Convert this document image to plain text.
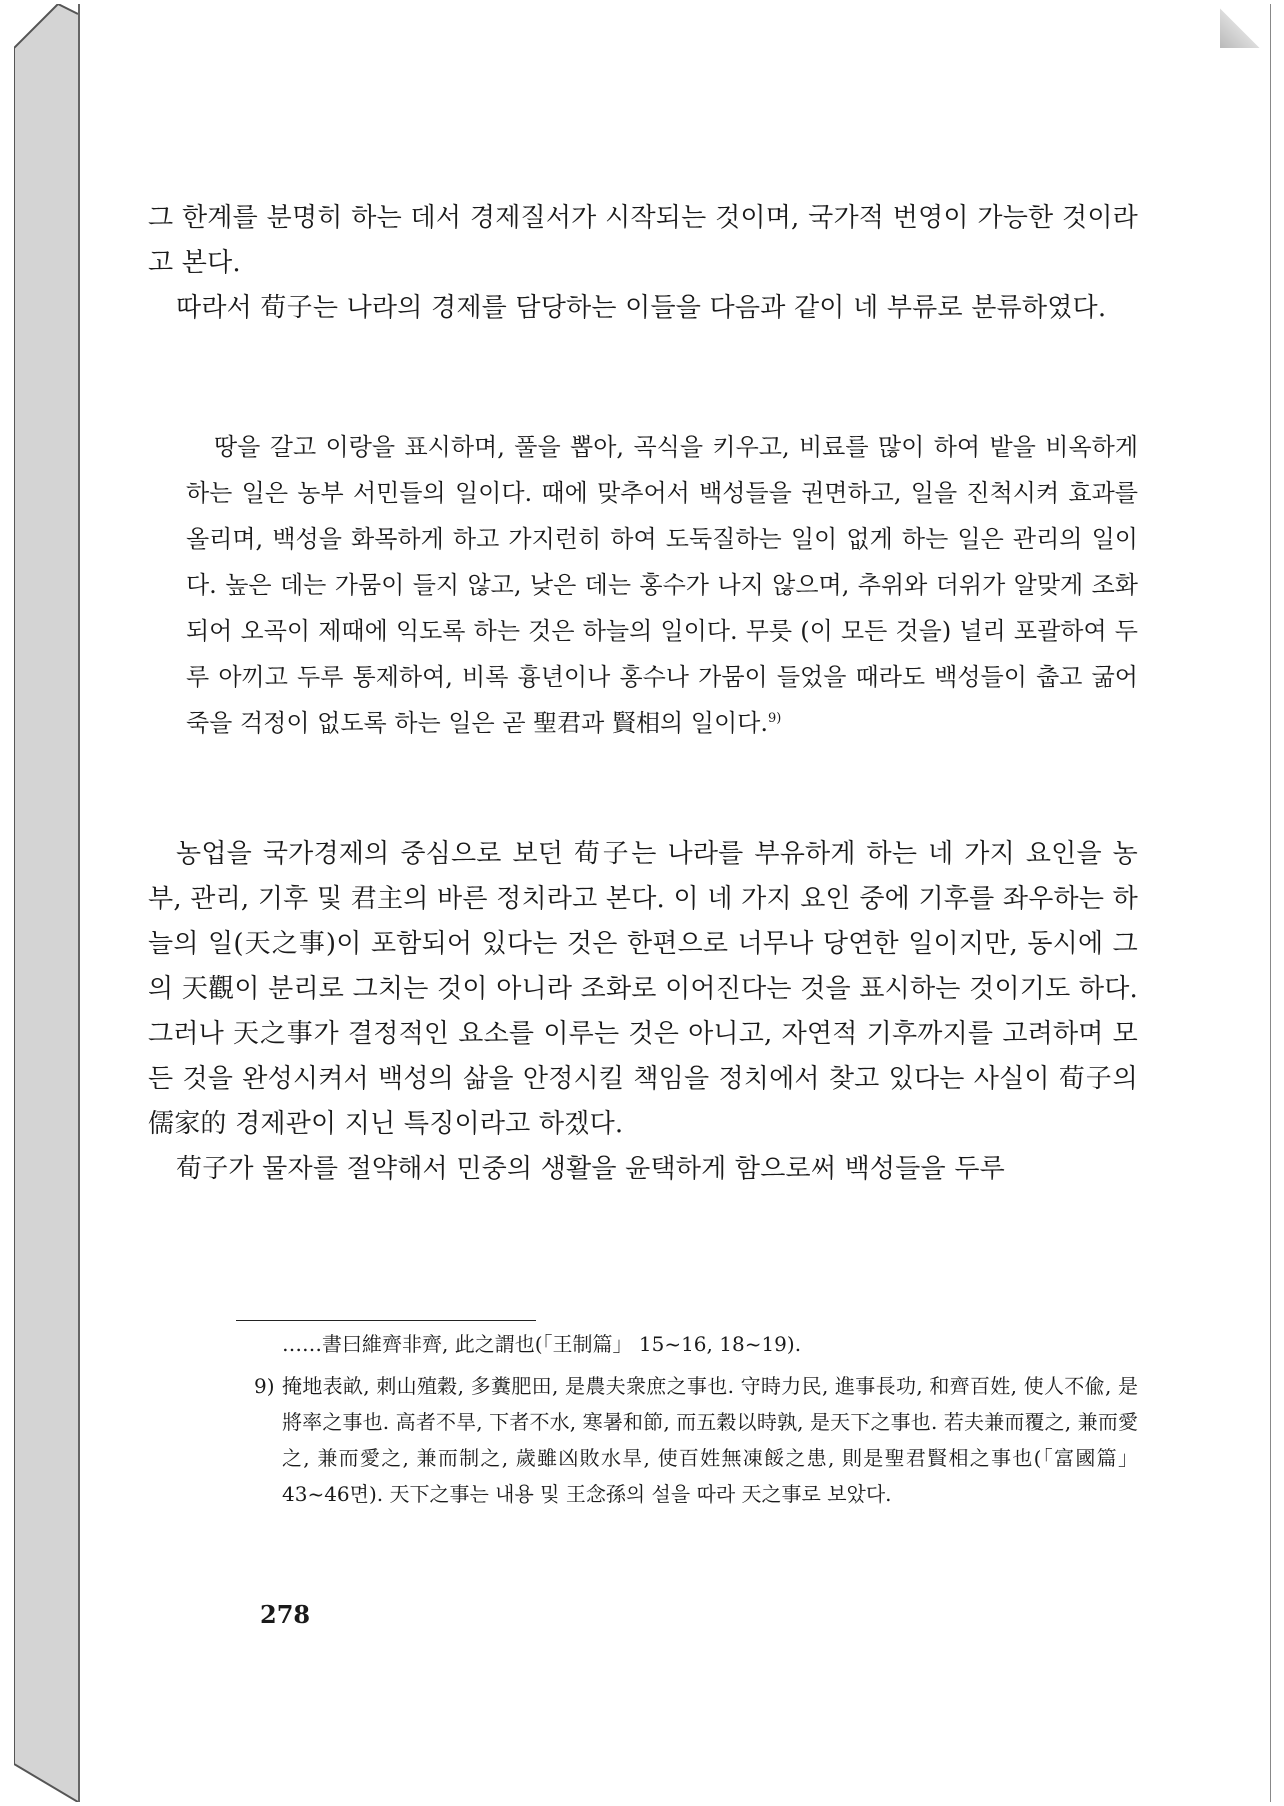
그 한계를 분명히 하는 데서 경제질서가 시작되는 것이며, 국가적 번영이 가능한 것이라고 본다.

따라서 荀子는 나라의 경제를 담당하는 이들을 다음과 같이 네 부류로 분류하였다.

땅을 갈고 이랑을 표시하며, 풀을 뽑아, 곡식을 키우고, 비료를 많이 하여 밭을 비옥하게 하는 일은 농부 서민들의 일이다. 때에 맞추어서 백성들을 권면하고, 일을 진척시켜 효과를 올리며, 백성을 화목하게 하고 가지런히 하여 도둑질하는 일이 없게 하는 일은 관리의 일이다. 높은 데는 가뭄이 들지 않고, 낮은 데는 홍수가 나지 않으며, 추위와 더위가 알맞게 조화되어 오곡이 제때에 익도록 하는 것은 하늘의 일이다. 무릇 (이 모든 것을) 널리 포괄하여 두루 아끼고 두루 통제하여, 비록 흉년이나 홍수나 가뭄이 들었을 때라도 백성들이 춥고 굶어 죽을 걱정이 없도록 하는 일은 곧 聖君과 賢相의 일이다.$^{9)}$

농업을 국가경제의 중심으로 보던 荀子는 나라를 부유하게 하는 네 가지 요인을 농부, 관리, 기후 및 君主의 바른 정치라고 본다. 이 네 가지 요인 중에 기후를 좌우하는 하늘의 일(天之事)이 포함되어 있다는 것은 한편으로 너무나 당연한 일이지만, 동시에 그의 天觀이 분리로 그치는 것이 아니라 조화로 이어진다는 것을 표시하는 것이기도 하다. 그러나 天之事가 결정적인 요소를 이루는 것은 아니고, 자연적 기후까지를 고려하며 모든 것을 완성시켜서 백성의 삶을 안정시킬 책임을 정치에서 찾고 있다는 사실이 荀子의 儒家的 경제관이 지닌 특징이라고 하겠다.

荀子가 물자를 절약해서 민중의 생활을 윤택하게 함으로써 백성들을 두루

……書曰維齊非齊, 此之謂也(「王制篇」 15~16, 18~19).

9) 掩地表畝, 刺山殖穀, 多糞肥田, 是農夫衆庶之事也. 守時力民, 進事長功, 和齊百姓, 使人不偸, 是將率之事也. 高者不旱, 下者不水, 寒暑和節, 而五穀以時孰, 是天下之事也. 若夫兼而覆之, 兼而愛之, 兼而愛之, 兼而制之, 歲雖凶敗水旱, 使百姓無凍餒之患, 則是聖君賢相之事也(「富國篇」 43~46면). 天下之事는 내용 및 王念孫의 설을 따라 天之事로 보았다.
278
